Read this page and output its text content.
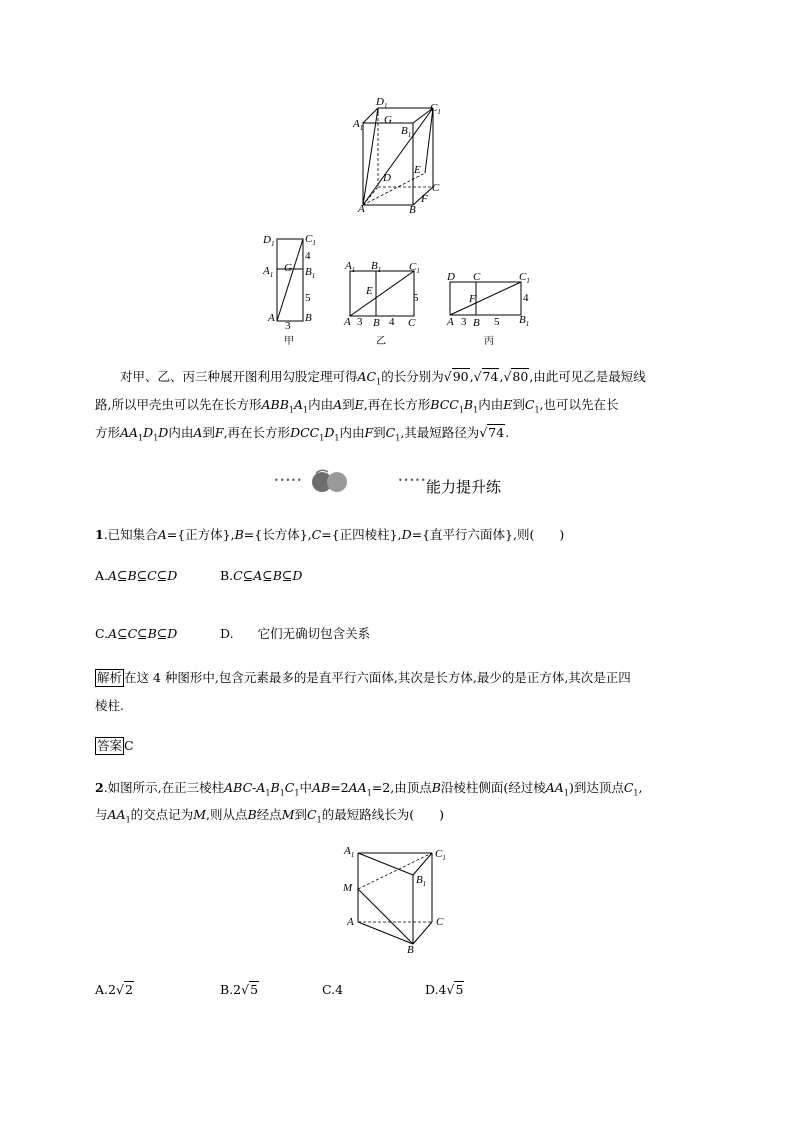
$D_1$
$A_1$
G
$C_1$
$B_1$
D
E
A	B
F
C
$D_1$	$C_1$
4
$A_1$
G $B_1$
5
A	B
3
甲
$A_1$ $B_1$	$C_1$
E
5
A 3 B 4 C
乙
D C	$C_1$
F	4
A 3 B 5 $B_1$
丙
对甲、乙、丙三种展开图利用勾股定理可得$AC_1$的长分别为√90,√74,√80,由此可见乙是最短线
路,所以甲壳虫可以先在长方形$ABB_1A_1$内由A到E,再在长方形$BCC_1B_1$内由E到$C_1$,也可以先在长
方形$AA_1D_1D$内由A到F,再在长方形$DCC_1D_1$内由F到$C_1$,其最短路径为√74.
•••••	••••• 能力提升练
1.已知集合A={正方体},B={长方体},C={正四棱柱},D={直平行六面体},则(　　)
A.A⊆B⊆C⊆D	B.C⊆A⊆B⊆D
C.A⊆C⊆B⊆D	D. 它们无确切包含关系
解析 在这 4 种图形中,包含元素最多的是直平行六面体,其次是长方体,最少的是正方体,其次是正四
棱柱.
答案 C
2.如图所示,在正三棱柱ABC-$A_1B_1C_1$中$AB=2AA_1=2$,由顶点B沿棱柱侧面(经过棱$AA_1$)到达顶点$C_1$,
与$AA_1$的交点记为M,则从点B经点M到$C_1$的最短路线长为(　　)
$A_1$	$C_1$
M
$B_1$
A	C
B
A.2√2	B.2√5	C.4	D.4√5
